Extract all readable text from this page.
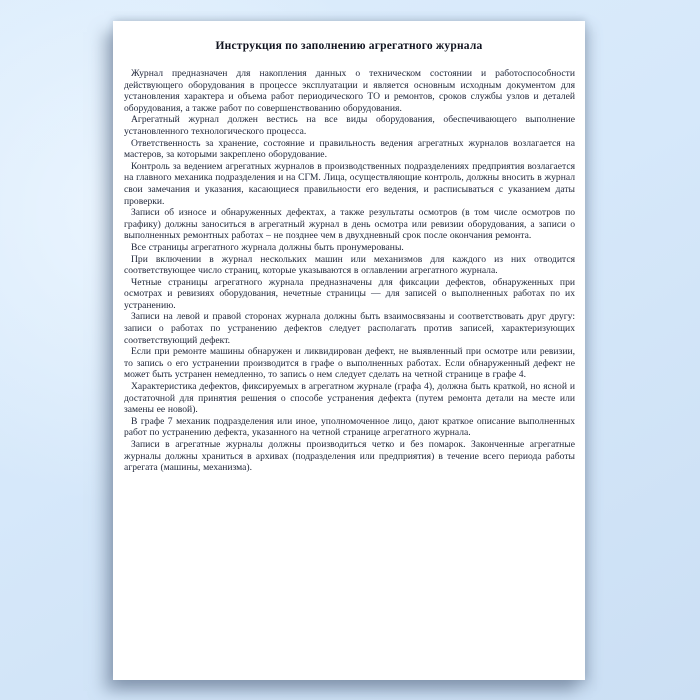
Инструкция по заполнению агрегатного журнала

Журнал предназначен для накопления данных о техническом состоянии и работоспособности действующего оборудования в процессе эксплуатации и является основным исходным документом для установления характера и объема работ периодического ТО и ремонтов, сроков службы узлов и деталей оборудования, а также работ по совершенствованию оборудования.

Агрегатный журнал должен вестись на все виды оборудования, обеспечивающего выполнение установленного технологического процесса.

Ответственность за хранение, состояние и правильность ведения агрегатных журналов возлагается на мастеров, за которыми закреплено оборудование.

Контроль за ведением агрегатных журналов в производственных подразделениях предприятия возлагается на главного механика подразделения и на СГМ. Лица, осуществляющие контроль, должны вносить в журнал свои замечания и указания, касающиеся правильности его ведения, и расписываться с указанием даты проверки.

Записи об износе и обнаруженных дефектах, а также результаты осмотров (в том числе осмотров по графику) должны заноситься в агрегатный журнал в день осмотра или ревизии оборудования, а записи о выполненных ремонтных работах – не позднее чем в двухдневный срок после окончания ремонта.

Все страницы агрегатного журнала должны быть пронумерованы.

При включении в журнал нескольких машин или механизмов для каждого из них отводится соответствующее число страниц, которые указываются в оглавлении агрегатного журнала.

Четные страницы агрегатного журнала предназначены для фиксации дефектов, обнаруженных при осмотрах и ревизиях оборудования, нечетные страницы — для записей о выполненных работах по их устранению.

Записи на левой и правой сторонах журнала должны быть взаимосвязаны и соответствовать друг другу: записи о работах по устранению дефектов следует располагать против записей, характеризующих соответствующий дефект.

Если при ремонте машины обнаружен и ликвидирован дефект, не выявленный при осмотре или ревизии, то запись о его устранении производится в графе о выполненных работах. Если обнаруженный дефект не может быть устранен немедленно, то запись о нем следует сделать на четной странице в графе 4.

Характеристика дефектов, фиксируемых в агрегатном журнале (графа 4), должна быть краткой, но ясной и достаточной для принятия решения о способе устранения дефекта (путем ремонта детали на месте или замены ее новой).

В графе 7 механик подразделения или иное, уполномоченное лицо, дают краткое описание выполненных работ по устранению дефекта, указанного на четной странице агрегатного журнала.

Записи в агрегатные журналы должны производиться четко и без помарок. Законченные агрегатные журналы должны храниться в архивах (подразделения или предприятия) в течение всего периода работы агрегата (машины, механизма).
